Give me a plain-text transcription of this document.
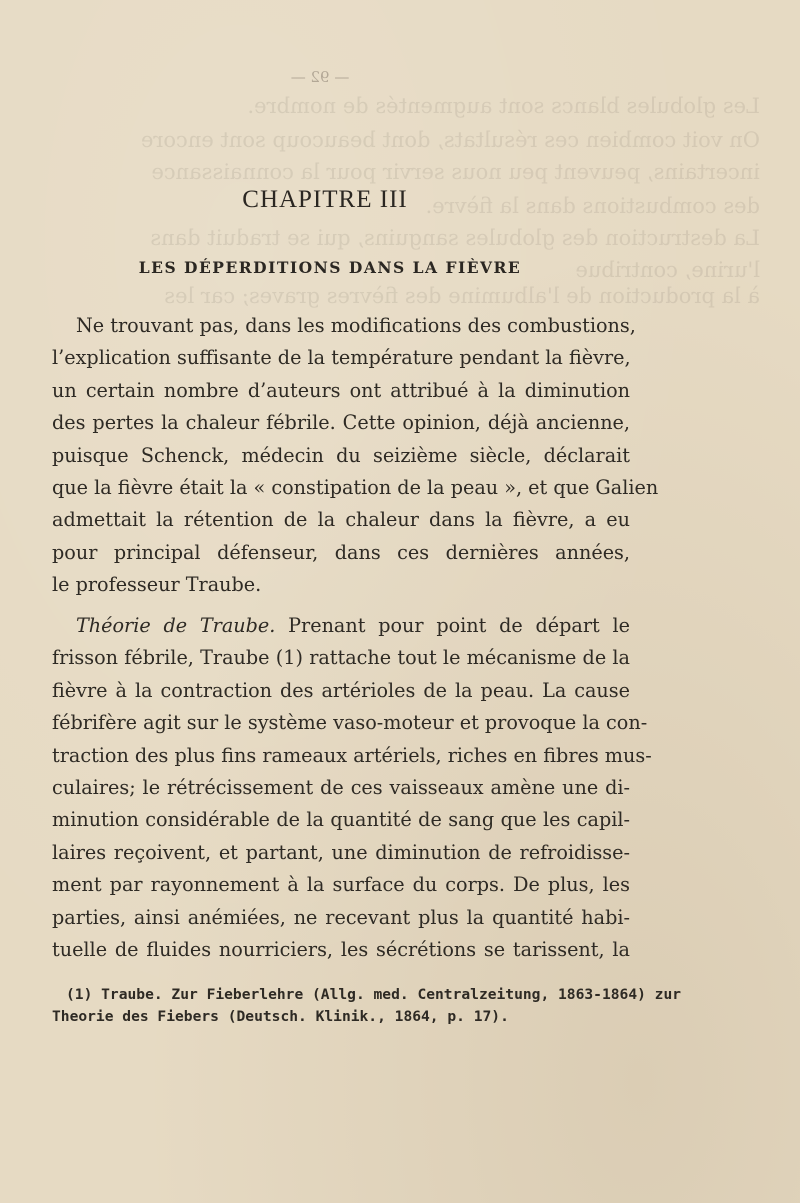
Les globules blancs sont augmentés de nombre.
On voit combien ces résultats, dont beaucoup sont encore
incertains, peuvent peu nous servir pour la connaissance
des combustions dans la fièvre.
La destruction des globules sanguins, qui se traduit dans
l'urine, contribue
à la production de l'albumine des fièvres graves; car les
— 92 —
CHAPITRE III
LES DÉPERDITIONS DANS LA FIÈVRE
Ne trouvant pas, dans les modifications des combustions,
l’explication suffisante de la température pendant la fièvre,
un certain nombre d’auteurs ont attribué à la diminution
des pertes la chaleur fébrile. Cette opinion, déjà ancienne,
puisque Schenck, médecin du seizième siècle, déclarait
que la fièvre était la « constipation de la peau », et que Galien
admettait la rétention de la chaleur dans la fièvre, a eu
pour principal défenseur, dans ces dernières années,
le professeur Traube.
Théorie de Traube. Prenant pour point de départ le
frisson fébrile, Traube (1) rattache tout le mécanisme de la
fièvre à la contraction des artérioles de la peau. La cause
fébrifère agit sur le système vaso-moteur et provoque la con-
traction des plus fins rameaux artériels, riches en fibres mus-
culaires; le rétrécissement de ces vaisseaux amène une di-
minution considérable de la quantité de sang que les capil-
laires reçoivent, et partant, une diminution de refroidisse-
ment par rayonnement à la surface du corps. De plus, les
parties, ainsi anémiées, ne recevant plus la quantité habi-
tuelle de fluides nourriciers, les sécrétions se tarissent, la
(1) Traube. Zur Fieberlehre (Allg. med. Centralzeitung, 1863-1864) zur
Theorie des Fiebers (Deutsch. Klinik., 1864, p. 17).
